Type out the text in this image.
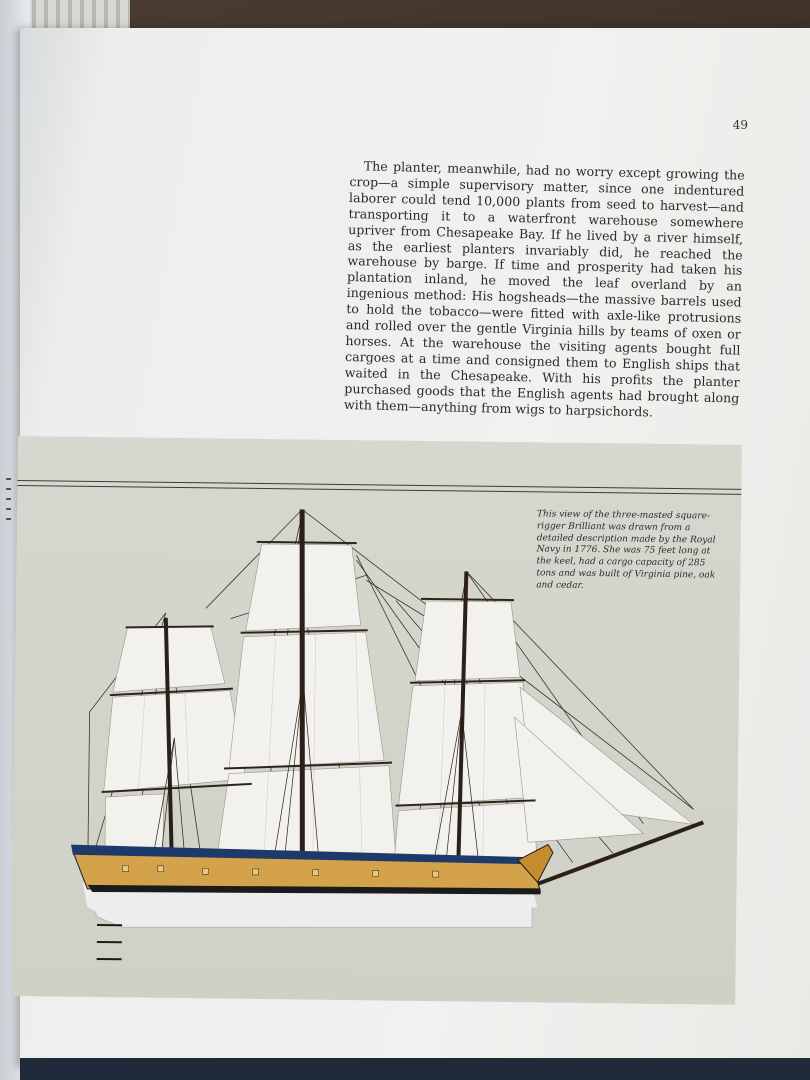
49

The planter, meanwhile, had no worry except growing the crop—a simple supervisory matter, since one indentured laborer could tend 10,000 plants from seed to harvest—and transporting it to a waterfront warehouse somewhere upriver from Chesapeake Bay. If he lived by a river himself, as the earliest planters invariably did, he reached the warehouse by barge. If time and prosperity had taken his plantation inland, he moved the leaf overland by an ingenious method: His hogsheads—the massive barrels used to hold the tobacco—were fitted with axle-like protrusions and rolled over the gentle Virginia hills by teams of oxen or horses. At the warehouse the visiting agents bought full cargoes at a time and consigned them to English ships that waited in the Chesapeake. With his profits the planter purchased goods that the English agents had brought along with them—anything from wigs to harpsichords.

This view of the three-masted square-rigger Brilliant was drawn from a detailed description made by the Royal Navy in 1776. She was 75 feet long at the keel, had a cargo capacity of 285 tons and was built of Virginia pine, oak and cedar.
